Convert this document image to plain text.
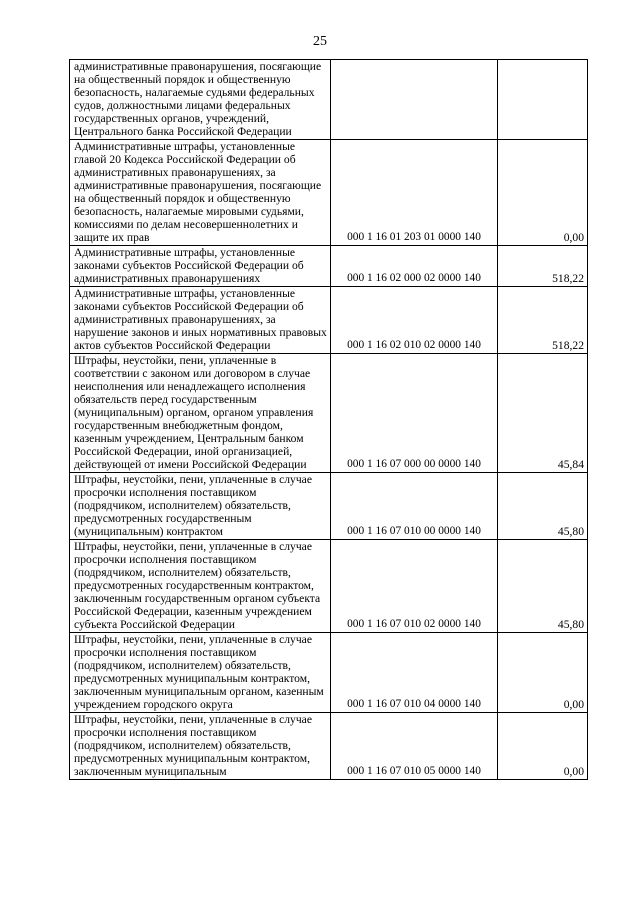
25
административные правонарушения, посягающие на общественный порядок и общественную безопасность, налагаемые судьями федеральных судов, должностными лицами федеральных государственных органов, учреждений, Центрального банка Российской Федерации		
Административные штрафы, установленные главой 20 Кодекса Российской Федерации об административных правонарушениях, за административные правонарушения, посягающие на общественный порядок и общественную безопасность, налагаемые мировыми судьями, комиссиями по делам несовершеннолетних и защите их прав	000 1 16 01 203 01 0000 140	0,00
Административные штрафы, установленные законами субъектов Российской Федерации об административных правонарушениях	000 1 16 02 000 02 0000 140	518,22
Административные штрафы, установленные законами субъектов Российской Федерации об административных правонарушениях, за нарушение законов и иных нормативных правовых актов субъектов Российской Федерации	000 1 16 02 010 02 0000 140	518,22
Штрафы, неустойки, пени, уплаченные в соответствии с законом или договором в случае неисполнения или ненадлежащего исполнения обязательств перед государственным (муниципальным) органом, органом управления государственным внебюджетным фондом, казенным учреждением, Центральным банком Российской Федерации, иной организацией, действующей от имени Российской Федерации	000 1 16 07 000 00 0000 140	45,84
Штрафы, неустойки, пени, уплаченные в случае просрочки исполнения поставщиком (подрядчиком, исполнителем) обязательств, предусмотренных государственным (муниципальным) контрактом	000 1 16 07 010 00 0000 140	45,80
Штрафы, неустойки, пени, уплаченные в случае просрочки исполнения поставщиком (подрядчиком, исполнителем) обязательств, предусмотренных государственным контрактом, заключенным государственным органом субъекта Российской Федерации, казенным учреждением субъекта Российской Федерации	000 1 16 07 010 02 0000 140	45,80
Штрафы, неустойки, пени, уплаченные в случае просрочки исполнения поставщиком (подрядчиком, исполнителем) обязательств, предусмотренных муниципальным контрактом, заключенным муниципальным органом, казенным учреждением городского округа	000 1 16 07 010 04 0000 140	0,00
Штрафы, неустойки, пени, уплаченные в случае просрочки исполнения поставщиком (подрядчиком, исполнителем) обязательств, предусмотренных муниципальным контрактом, заключенным муниципальным	000 1 16 07 010 05 0000 140	0,00
